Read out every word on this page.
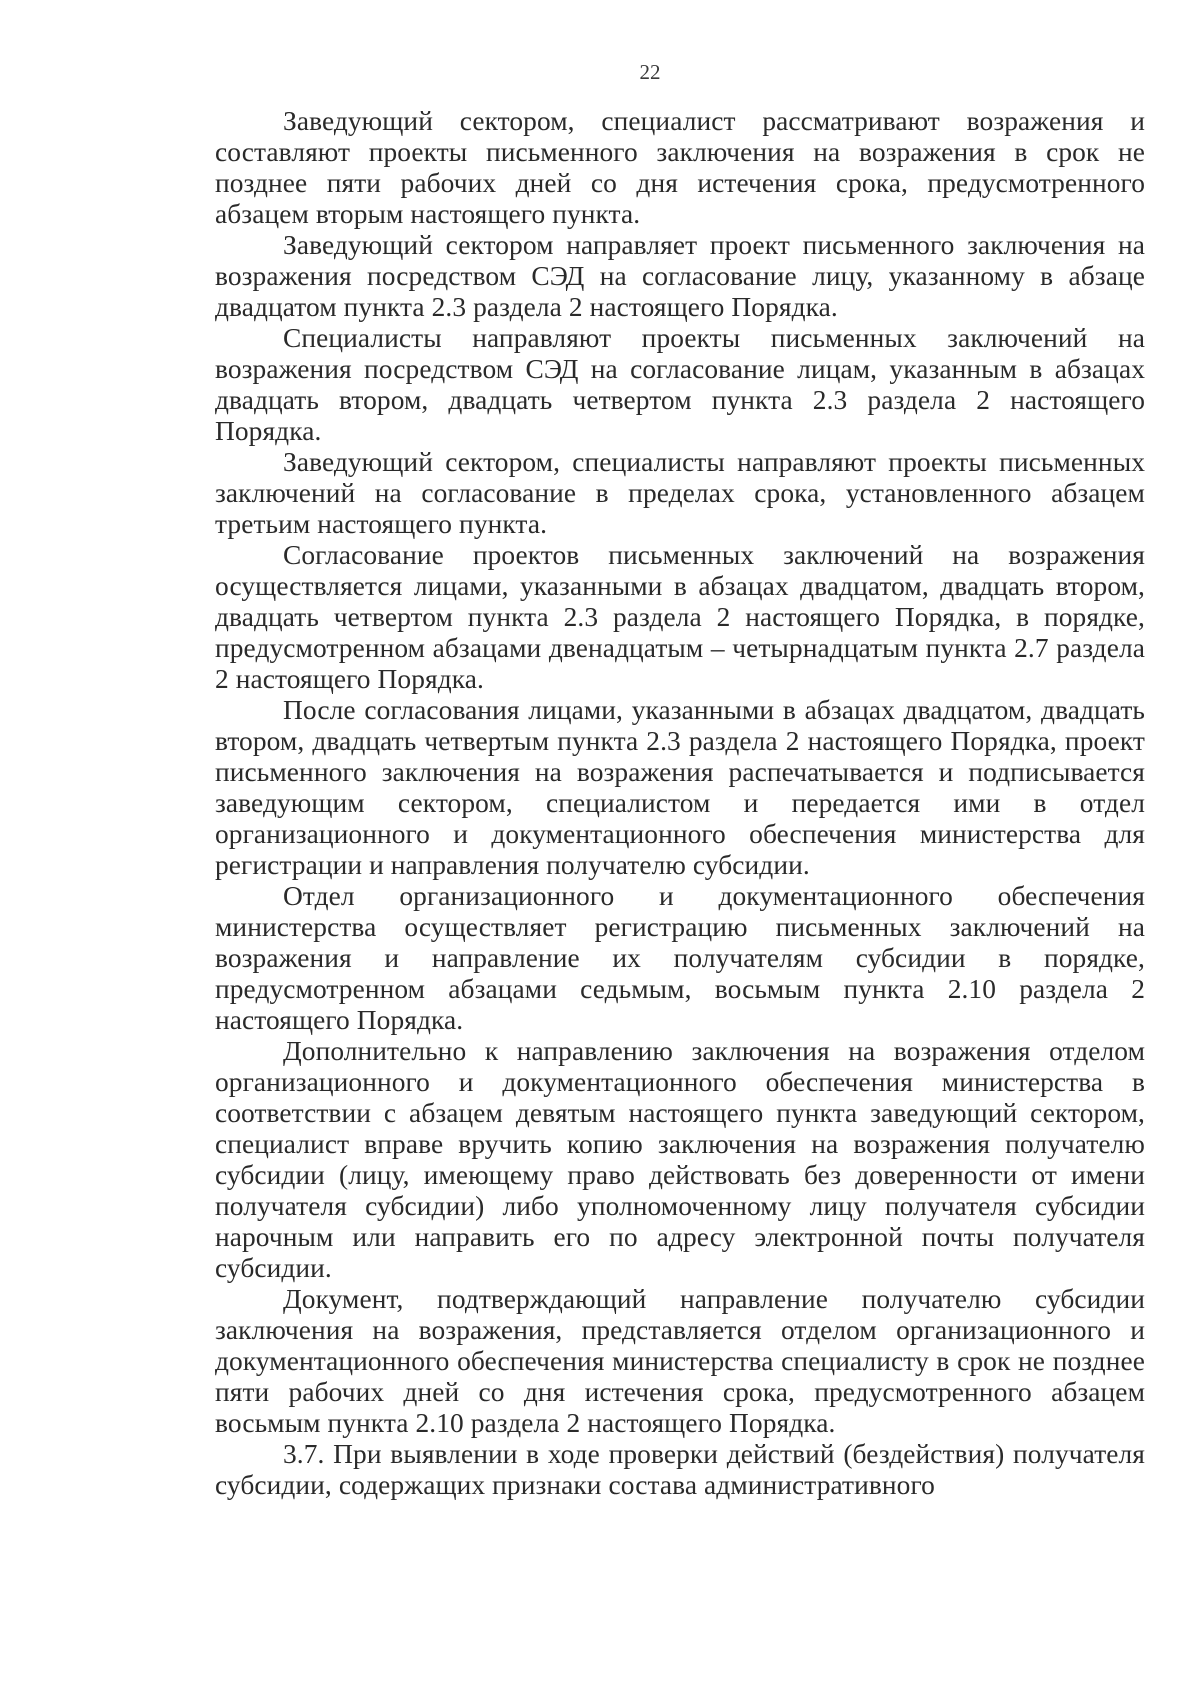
22

Заведующий сектором, специалист рассматривают возражения и составляют проекты письменного заключения на возражения в срок не позднее пяти рабочих дней со дня истечения срока, предусмотренного абзацем вторым настоящего пункта.

Заведующий сектором направляет проект письменного заключения на возражения посредством СЭД на согласование лицу, указанному в абзаце двадцатом пункта 2.3 раздела 2 настоящего Порядка.

Специалисты направляют проекты письменных заключений на возражения посредством СЭД на согласование лицам, указанным в абзацах двадцать втором, двадцать четвертом пункта 2.3 раздела 2 настоящего Порядка.

Заведующий сектором, специалисты направляют проекты письменных заключений на согласование в пределах срока, установленного абзацем третьим настоящего пункта.

Согласование проектов письменных заключений на возражения осуществляется лицами, указанными в абзацах двадцатом, двадцать втором, двадцать четвертом пункта 2.3 раздела 2 настоящего Порядка, в порядке, предусмотренном абзацами двенадцатым – четырнадцатым пункта 2.7 раздела 2 настоящего Порядка.

После согласования лицами, указанными в абзацах двадцатом, двадцать втором, двадцать четвертым пункта 2.3 раздела 2 настоящего Порядка, проект письменного заключения на возражения распечатывается и подписывается заведующим сектором, специалистом и передается ими в отдел организационного и документационного обеспечения министерства для регистрации и направления получателю субсидии.

Отдел организационного и документационного обеспечения министерства осуществляет регистрацию письменных заключений на возражения и направление их получателям субсидии в порядке, предусмотренном абзацами седьмым, восьмым пункта 2.10 раздела 2 настоящего Порядка.

Дополнительно к направлению заключения на возражения отделом организационного и документационного обеспечения министерства в соответствии с абзацем девятым настоящего пункта заведующий сектором, специалист вправе вручить копию заключения на возражения получателю субсидии (лицу, имеющему право действовать без доверенности от имени получателя субсидии) либо уполномоченному лицу получателя субсидии нарочным или направить его по адресу электронной почты получателя субсидии.

Документ, подтверждающий направление получателю субсидии заключения на возражения, представляется отделом организационного и документационного обеспечения министерства специалисту в срок не позднее пяти рабочих дней со дня истечения срока, предусмотренного абзацем восьмым пункта 2.10 раздела 2 настоящего Порядка.

3.7. При выявлении в ходе проверки действий (бездействия) получателя субсидии, содержащих признаки состава административного
